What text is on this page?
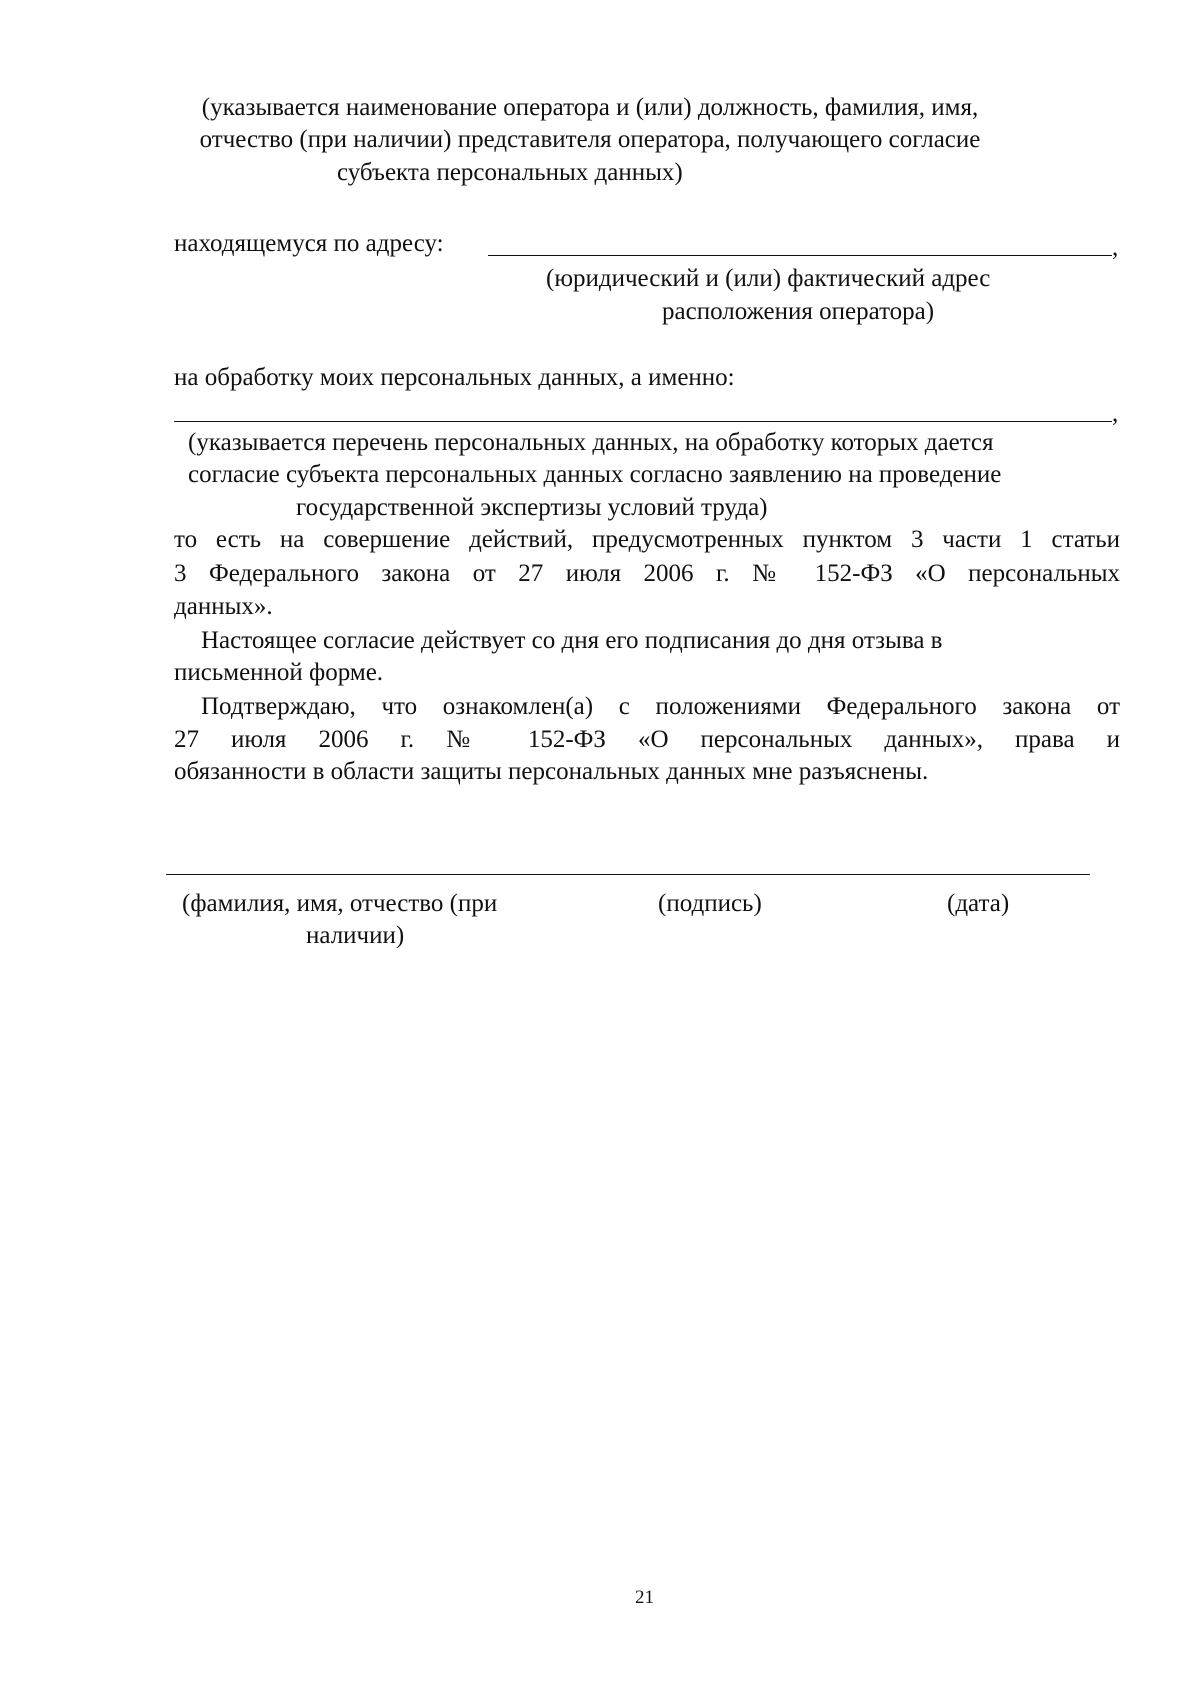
(указывается наименование оператора и (или) должность, фамилия, имя,
отчество (при наличии) представителя оператора, получающего согласие
субъекта персональных данных)
находящемуся по адресу:	,
(юридический и (или) фактический адрес
расположения оператора)
на обработку моих персональных данных, а именно:
,
(указывается перечень персональных данных, на обработку которых дается
согласие субъекта персональных данных согласно заявлению на проведение
государственной экспертизы условий труда)
то есть на совершение действий, предусмотренных пунктом 3 части 1 статьи
3 Федерального закона от 27 июля 2006 г. № 152-ФЗ «О персональных
данных».
Настоящее согласие действует со дня его подписания до дня отзыва в
письменной форме.
Подтверждаю, что ознакомлен(а) с положениями Федерального закона от
27 июля 2006 г. № 152-ФЗ «О персональных данных», права и
обязанности в области защиты персональных данных мне разъяснены.
(фамилия, имя, отчество (при
наличии)
(подпись)	(дата)
21
